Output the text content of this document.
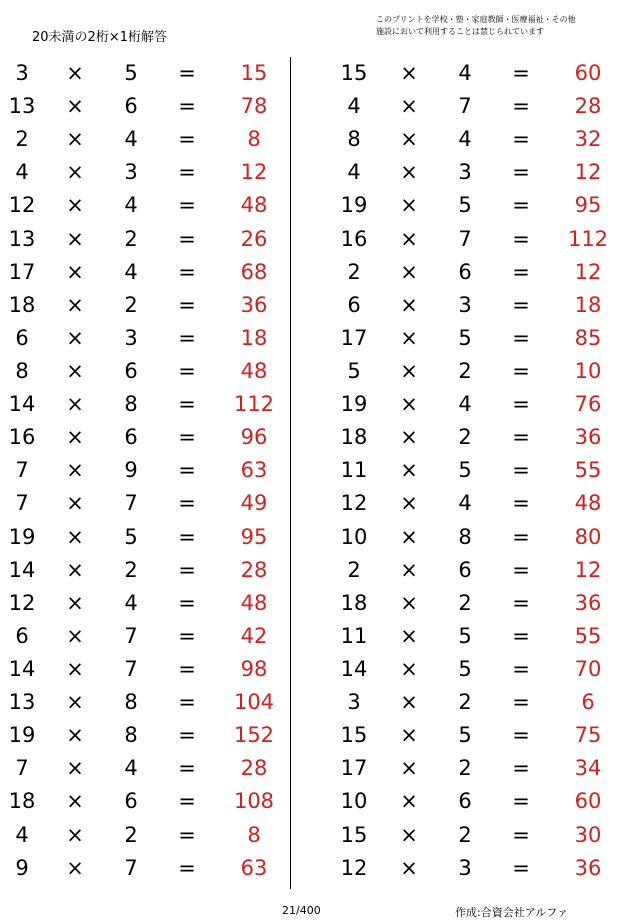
20未満の2桁×1桁解答
このプリントを学校・塾・家庭教師・医療福祉・その他
施設において利用することは禁じられています
3	×	5	=	15
13	×	6	=	78
2	×	4	=	8
4	×	3	=	12
12	×	4	=	48
13	×	2	=	26
17	×	4	=	68
18	×	2	=	36
6	×	3	=	18
8	×	6	=	48
14	×	8	=	112
16	×	6	=	96
7	×	9	=	63
7	×	7	=	49
19	×	5	=	95
14	×	2	=	28
12	×	4	=	48
6	×	7	=	42
14	×	7	=	98
13	×	8	=	104
19	×	8	=	152
7	×	4	=	28
18	×	6	=	108
4	×	2	=	8
9	×	7	=	63
15	×	4	=	60
4	×	7	=	28
8	×	4	=	32
4	×	3	=	12
19	×	5	=	95
16	×	7	=	112
2	×	6	=	12
6	×	3	=	18
17	×	5	=	85
5	×	2	=	10
19	×	4	=	76
18	×	2	=	36
11	×	5	=	55
12	×	4	=	48
10	×	8	=	80
2	×	6	=	12
18	×	2	=	36
11	×	5	=	55
14	×	5	=	70
3	×	2	=	6
15	×	5	=	75
17	×	2	=	34
10	×	6	=	60
15	×	2	=	30
12	×	3	=	36
21/400	作成:合資会社アルファ
